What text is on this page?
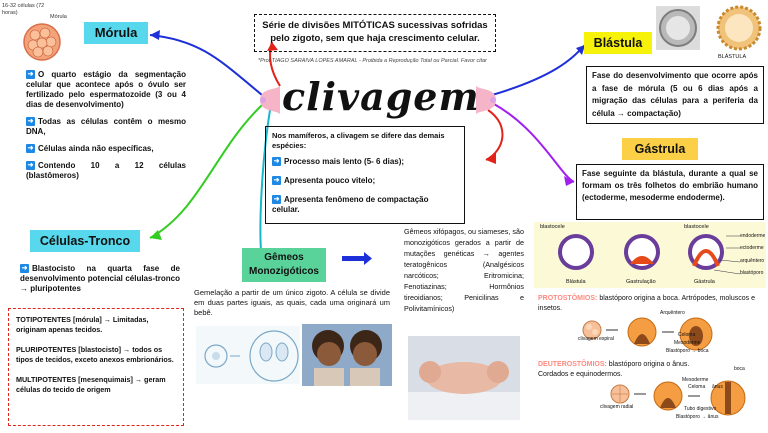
Série de divisões MITÓTICAS sucessivas sofridas pelo zigoto, sem que haja crescimento celular.
*Prof TIAGO SARAIVA LOPES AMARAL - Proibida a Reprodução Total ou Parcial. Favor citar
clivagem
Nos mamíferos, a clivagem se difere das demais espécies:
➜ Processo mais lento (5- 6 dias);
➜ Apresenta pouco vitelo;
➜ Apresenta fenômeno de compactação celular.
16-32 células (72 horas)
Mórula
Mórula
➜ O quarto estágio da segmentação celular que acontece após o óvulo ser fertilizado pelo espermatozoide (3 ou 4 dias de desenvolvimento)
➜ Todas as células contêm o mesmo DNA,
➜ Células ainda não específicas,
➜ Contendo 10 a 12 células (blastômeros)
Células-Tronco
➜ Blastocisto na quarta fase de desenvolvimento potencial células-tronco → pluripotentes
TOTIPOTENTES [mórula] → Limitadas, originam apenas tecidos.
PLURIPOTENTES [blastocisto] → todos os tipos de tecidos, exceto anexos embrionários.
MULTIPOTENTES [mesenquimais] → geram células do tecido de origem
Gêmeos Monozigóticos
Gemelação a partir de um único zigoto. A célula se divide em duas partes iguais, as quais, cada uma originará um bebê.
Gêmeos xifópagos, ou siameses, são monozigóticos gerados a partir de mutações genéticas → agentes teratogênicos (Analgésicos narcóticos; Eritromicina; Fenotiazinas; Hormônios tireoidianos; Penicilinas e Polivitamínicos)
Blástula
BLÁSTULA
Fase do desenvolvimento que ocorre após a fase de mórula (5 ou 6 dias após a migração das células para a periferia da célula → compactação)
Gástrula
Fase seguinte da blástula, durante a qual se formam os três folhetos do embrião humano (ectoderme, mesoderme endoderme).
blastocele	blastocele
endoderme
ectoderme
arquêntero
blastóporo
Blástula	Gastrulação	Gástrula
PROTOSTÔMIOS: blastóporo origina a boca. Artrópodes, moluscos e insetos.
Arquêntero
Celoma
Mesoderme
Blastóporo → boca
clivagem espiral
DEUTEROSTÔMIOS: blastóporo origina o ânus. Cordados e equinodermos.
boca
Mesoderme
Celoma ânus
Tubo digestivo
Blastóporo → ânus
clivagem radial
